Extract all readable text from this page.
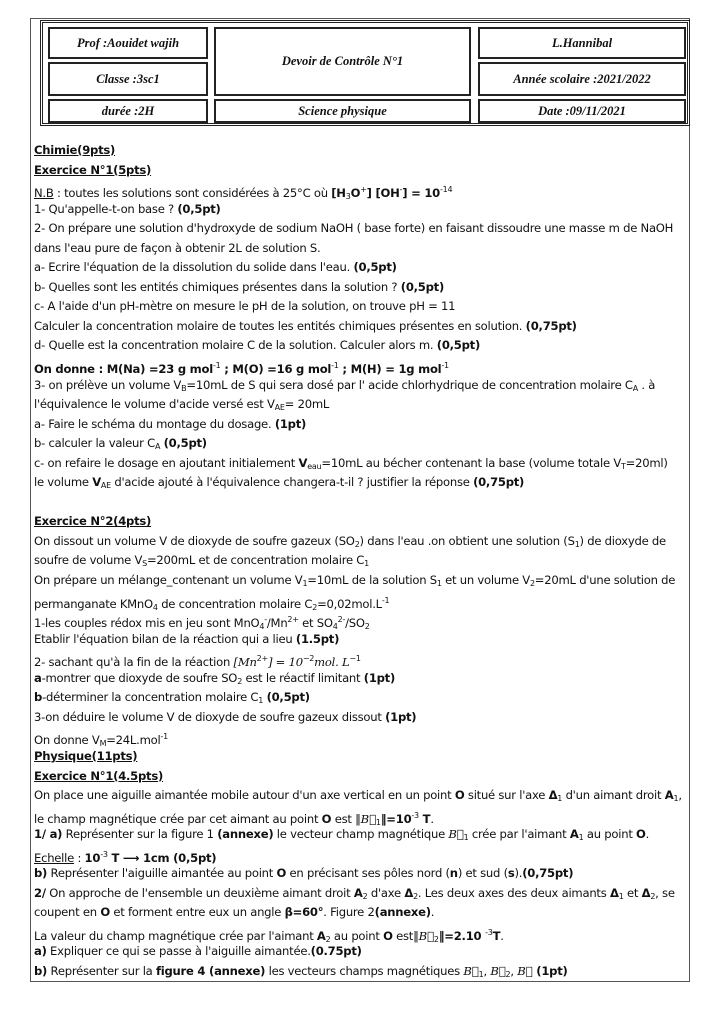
Prof :Aouidet wajih
Classe :3sc1
durée :2H
Devoir de Contrôle N°1
Science physique
L.Hannibal
Année scolaire :2021/2022
Date :09/11/2021
Chimie(9pts)
Exercice N°1(5pts)
N.B : toutes les solutions sont considérées à 25°C où $[H_3O^+] [OH^-] = 10^{-14}$
1- Qu'appelle-t-on base ? (0,5pt)
2- On prépare une solution d'hydroxyde de sodium NaOH ( base forte) en faisant dissoudre une masse m de NaOH
dans l'eau pure de façon à obtenir 2L de solution S.
a- Ecrire l'équation de la dissolution du solide dans l'eau. (0,5pt)
b- Quelles sont les entités chimiques présentes dans la solution ? (0,5pt)
c- A l'aide d'un pH-mètre on mesure le pH de la solution, on trouve pH = 11
Calculer la concentration molaire de toutes les entités chimiques présentes en solution. (0,75pt)
d- Quelle est la concentration molaire C de la solution. Calculer alors m. (0,5pt)
On donne : M(Na) =23 g mol$^{-1}$ ; M(O) =16 g mol$^{-1}$ ; M(H) = 1g mol$^{-1}$
3- on prélève un volume $V_B=10mL$ de S qui sera dosé par l' acide chlorhydrique de concentration molaire $C_A$ . à
l'équivalence le volume d'acide versé est $V_{AE}= 20mL$
a- Faire le schéma du montage du dosage. (1pt)
b- calculer la valeur $C_A$ (0,5pt)
c- on refaire le dosage en ajoutant initialement $V_{eau}=10mL$ au bécher contenant la base (volume totale $V_T=20ml$)
le volume $V_{AE}$ d'acide ajouté à l'équivalence changera-t-il ? justifier la réponse (0,75pt)
Exercice N°2(4pts)
On dissout un volume V de dioxyde de soufre gazeux $(SO_2)$ dans l'eau .on obtient une solution $(S_1)$ de dioxyde de
soufre de volume $V_S=200mL$ et de concentration molaire $C_1$
On prépare un mélange_contenant un volume $V_1=10mL$ de la solution $S_1$ et un volume $V_2=20mL$ d'une solution de
permanganate KMnO$_4$ de concentration molaire $C_2=0,02mol.L^{-1}$
1-les couples rédox mis en jeu sont $MnO_4^-/Mn^{2+}$ et $SO_4^{2-}/SO_2$
Etablir l'équation bilan de la réaction qui a lieu (1.5pt)
2- sachant qu'à la fin de la réaction $[Mn^{2+}] = 10^{-2}mol$. $L^{-1}$
a-montrer que dioxyde de soufre $SO_2$ est le réactif limitant (1pt)
b-déterminer la concentration molaire $C_1$ (0,5pt)
3-on déduire le volume V de dioxyde de soufre gazeux dissout (1pt)
On donne $V_M=24L.mol^{-1}$
Physique(11pts)
Exercice N°1(4.5pts)
On place une aiguille aimantée mobile autour d'un axe vertical en un point O situé sur l'axe $\Delta_1$ d'un aimant droit $A_1$,
le champ magnétique crée par cet aimant au point O est $‖B⃗_1‖=10^{-3}$ T.
1/ a) Représenter sur la figure 1 (annexe) le vecteur champ magnétique $B⃗_1$ crée par l'aimant $A_1$ au point O.
Echelle : $10^{-3}$ T ⟶ 1cm (0,5pt)
b) Représenter l'aiguille aimantée au point O en précisant ses pôles nord (n) et sud (s).(0,75pt)
2/ On approche de l'ensemble un deuxième aimant droit $A_2$ d'axe $\Delta_2$. Les deux axes des deux aimants $\Delta_1$ et $\Delta_2$, se
coupent en O et forment entre eux un angle β=60°. Figure 2(annexe).
La valeur du champ magnétique crée par l'aimant $A_2$ au point O $est‖B⃗_2‖=2.10$ $^{-3}$T.
a) Expliquer ce qui se passe à l'aiguille aimantée.(0.75pt)
b) Représenter sur la figure 4 (annexe) les vecteurs champs magnétiques $B⃗_1$, $B⃗_2$, B⃗ (1pt)
